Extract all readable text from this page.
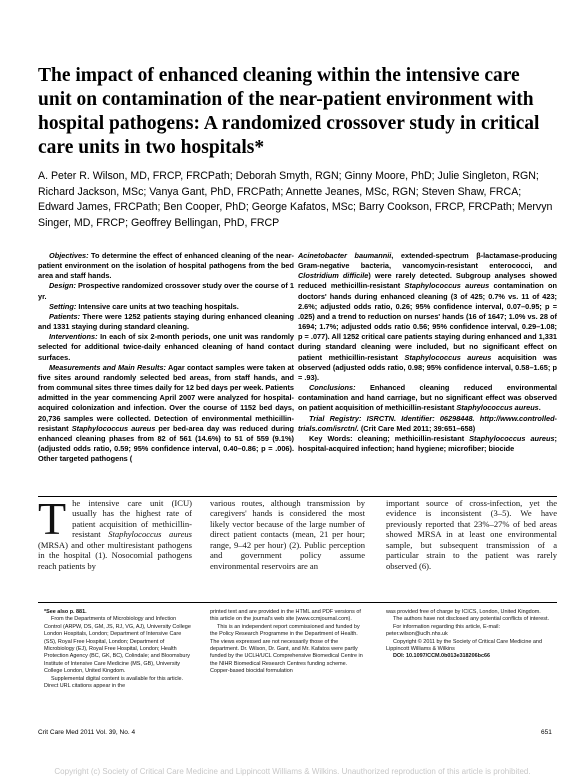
The impact of enhanced cleaning within the intensive care unit on contamination of the near-patient environment with hospital pathogens: A randomized crossover study in critical care units in two hospitals*

A. Peter R. Wilson, MD, FRCP, FRCPath; Deborah Smyth, RGN; Ginny Moore, PhD; Julie Singleton, RGN; Richard Jackson, MSc; Vanya Gant, PhD, FRCPath; Annette Jeanes, MSc, RGN; Steven Shaw, FRCA; Edward James, FRCPath; Ben Cooper, PhD; George Kafatos, MSc; Barry Cookson, FRCP, FRCPath; Mervyn Singer, MD, FRCP; Geoffrey Bellingan, PhD, FRCP

Objectives: To determine the effect of enhanced cleaning of the near-patient environment on the isolation of hospital pathogens from the bed area and staff hands.

Design: Prospective randomized crossover study over the course of 1 yr.

Setting: Intensive care units at two teaching hospitals.

Patients: There were 1252 patients staying during enhanced cleaning and 1331 staying during standard cleaning.

Interventions: In each of six 2-month periods, one unit was randomly selected for additional twice-daily enhanced cleaning of hand contact surfaces.

Measurements and Main Results: Agar contact samples were taken at five sites around randomly selected bed areas, from staff hands, and from communal sites three times daily for 12 bed days per week. Patients admitted in the year commencing April 2007 were analyzed for hospital-acquired colonization and infection. Over the course of 1152 bed days, 20,736 samples were collected. Detection of environmental methicillin-resistant Staphylococcus aureus per bed-area day was reduced during enhanced cleaning phases from 82 of 561 (14.6%) to 51 of 559 (9.1%) (adjusted odds ratio, 0.59; 95% confidence interval, 0.40–0.86; p = .006). Other targeted pathogens (

Acinetobacter baumannii, extended-spectrum β-lactamase-producing Gram-negative bacteria, vancomycin-resistant enterococci, and Clostridium difficile) were rarely detected. Subgroup analyses showed reduced methicillin-resistant Staphylococcus aureus contamination on doctors' hands during enhanced cleaning (3 of 425; 0.7% vs. 11 of 423; 2.6%; adjusted odds ratio, 0.26; 95% confidence interval, 0.07–0.95; p = .025) and a trend to reduction on nurses' hands (16 of 1647; 1.0% vs. 28 of 1694; 1.7%; adjusted odds ratio 0.56; 95% confidence interval, 0.29–1.08; p = .077). All 1252 critical care patients staying during enhanced and 1,331 during standard cleaning were included, but no significant effect on patient methicillin-resistant Staphylococcus aureus acquisition was observed (adjusted odds ratio, 0.98; 95% confidence interval, 0.58–1.65; p = .93).

Conclusions: Enhanced cleaning reduced environmental contamination and hand carriage, but no significant effect was observed on patient acquisition of methicillin-resistant Staphylococcus aureus.

Trial Registry: ISRCTN. Identifier: 06298448. http://www.controlled-trials.com/isrctn/. (Crit Care Med 2011; 39:651–658)

Key Words: cleaning; methicillin-resistant Staphylococcus aureus; hospital-acquired infection; hand hygiene; microfiber; biocide

The intensive care unit (ICU) usually has the highest rate of patient acquisition of methicillin-resistant Staphylococcus aureus (MRSA) and other multiresistant pathogens in the hospital (1). Nosocomial pathogens reach patients by

various routes, although transmission by caregivers' hands is considered the most likely vector because of the large number of direct patient contacts (mean, 21 per hour; range, 9–42 per hour) (2). Public perception and government policy assume environmental reservoirs are an

important source of cross-infection, yet the evidence is inconsistent (3–5). We have previously reported that 23%–27% of bed areas showed MRSA in at least one environmental sample, but subsequent transmission of a particular strain to the patient was rarely observed (6).

*See also p. 881.

From the Departments of Microbiology and Infection Control (ARPW, DS, GM, JS, RJ, VG, AJ), University College London Hospitals, London; Department of Intensive Care (SS), Royal Free Hospital, London; Department of Microbiology (EJ), Royal Free Hospital, London; Health Protection Agency (BC, GK, BC), Colindale; and Bloomsbury Institute of Intensive Care Medicine (MS, GB), University College London, United Kingdom.

Supplemental digital content is available for this article. Direct URL citations appear in the

printed text and are provided in the HTML and PDF versions of this article on the journal's web site (www.ccmjournal.com).

This is an independent report commissioned and funded by the Policy Research Programme in the Department of Health. The views expressed are not necessarily those of the department. Dr. Wilson, Dr. Gant, and Mr. Kafatos were partly funded by the UCLH/UCL Comprehensive Biomedical Centre in the NIHR Biomedical Research Centres funding scheme. Copper-based biocidal formulation

was provided free of charge by ICICS, London, United Kingdom.

The authors have not disclosed any potential conflicts of interest.

For information regarding this article, E-mail: peter.wilson@uclh.nhs.uk

Copyright © 2011 by the Society of Critical Care Medicine and Lippincott Williams & Wilkins

DOI: 10.1097/CCM.0b013e318206bc66

Crit Care Med 2011 Vol. 39, No. 4	651
Copyright (c) Society of Critical Care Medicine and Lippincott Williams & Wilkins. Unauthorized reproduction of this article is prohibited.
